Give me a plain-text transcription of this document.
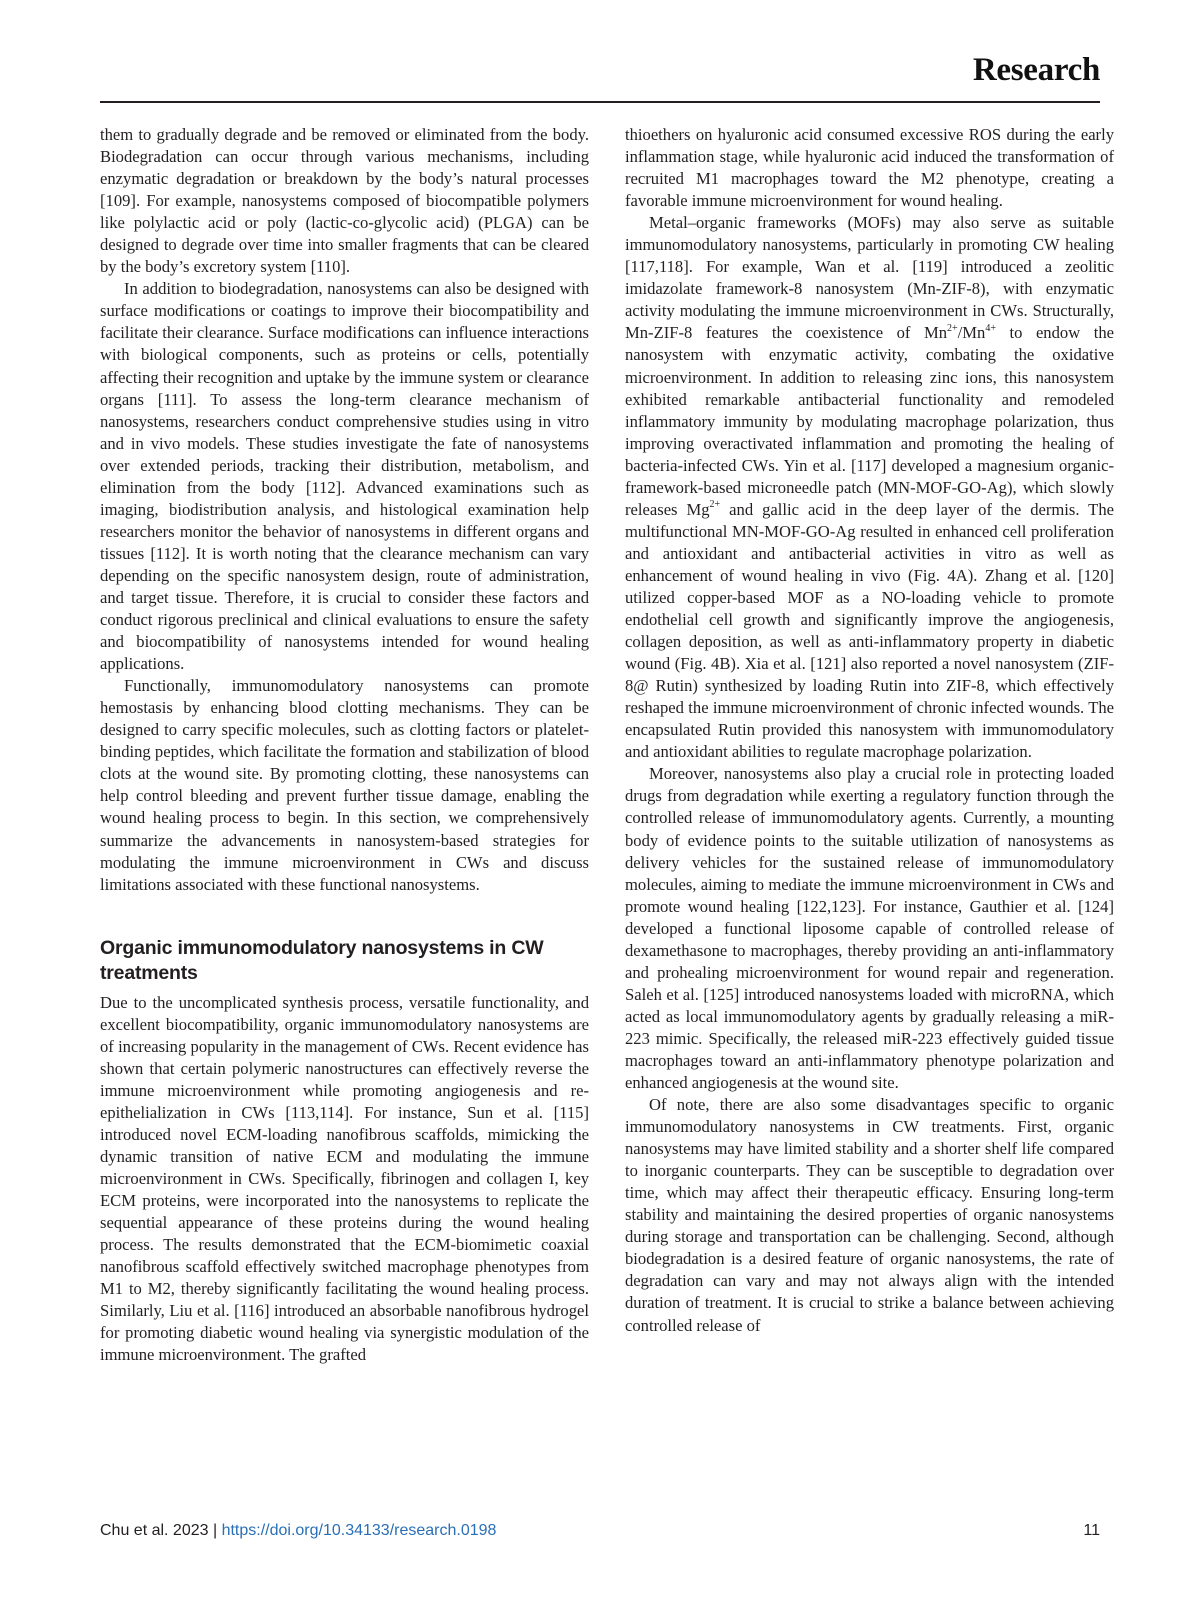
Research

them to gradually degrade and be removed or eliminated from the body. Biodegradation can occur through various mechanisms, including enzymatic degradation or breakdown by the body’s natural processes [109]. For example, nanosystems composed of biocompatible polymers like polylactic acid or poly (lactic-co-glycolic acid) (PLGA) can be designed to degrade over time into smaller fragments that can be cleared by the body’s excretory system [110].

In addition to biodegradation, nanosystems can also be designed with surface modifications or coatings to improve their biocompatibility and facilitate their clearance. Surface modifications can influence interactions with biological components, such as proteins or cells, potentially affecting their recognition and uptake by the immune system or clearance organs [111]. To assess the long-term clearance mechanism of nanosystems, researchers conduct comprehensive studies using in vitro and in vivo models. These studies investigate the fate of nanosystems over extended periods, tracking their distribution, metabolism, and elimination from the body [112]. Advanced examinations such as imaging, biodistribution analysis, and histological examination help researchers monitor the behavior of nanosystems in different organs and tissues [112]. It is worth noting that the clearance mechanism can vary depending on the specific nanosystem design, route of administration, and target tissue. Therefore, it is crucial to consider these factors and conduct rigorous preclinical and clinical evaluations to ensure the safety and biocompatibility of nanosystems intended for wound healing applications.

Functionally, immunomodulatory nanosystems can promote hemostasis by enhancing blood clotting mechanisms. They can be designed to carry specific molecules, such as clotting factors or platelet-binding peptides, which facilitate the formation and stabilization of blood clots at the wound site. By promoting clotting, these nanosystems can help control bleeding and prevent further tissue damage, enabling the wound healing process to begin. In this section, we comprehensively summarize the advancements in nanosystem-based strategies for modulating the immune microenvironment in CWs and discuss limitations associated with these functional nanosystems.

Organic immunomodulatory nanosystems in CW treatments

Due to the uncomplicated synthesis process, versatile functionality, and excellent biocompatibility, organic immunomodulatory nanosystems are of increasing popularity in the management of CWs. Recent evidence has shown that certain polymeric nanostructures can effectively reverse the immune microenvironment while promoting angiogenesis and re-epithelialization in CWs [113,114]. For instance, Sun et al. [115] introduced novel ECM-loading nanofibrous scaffolds, mimicking the dynamic transition of native ECM and modulating the immune microenvironment in CWs. Specifically, fibrinogen and collagen I, key ECM proteins, were incorporated into the nanosystems to replicate the sequential appearance of these proteins during the wound healing process. The results demonstrated that the ECM-biomimetic coaxial nanofibrous scaffold effectively switched macrophage phenotypes from M1 to M2, thereby significantly facilitating the wound healing process. Similarly, Liu et al. [116] introduced an absorbable nanofibrous hydrogel for promoting diabetic wound healing via synergistic modulation of the immune microenvironment. The grafted

thioethers on hyaluronic acid consumed excessive ROS during the early inflammation stage, while hyaluronic acid induced the transformation of recruited M1 macrophages toward the M2 phenotype, creating a favorable immune microenvironment for wound healing.

Metal–organic frameworks (MOFs) may also serve as suitable immunomodulatory nanosystems, particularly in promoting CW healing [117,118]. For example, Wan et al. [119] introduced a zeolitic imidazolate framework-8 nanosystem (Mn-ZIF-8), with enzymatic activity modulating the immune microenvironment in CWs. Structurally, Mn-ZIF-8 features the coexistence of $Mn^{2+}/Mn^{4+}$ to endow the nanosystem with enzymatic activity, combating the oxidative microenvironment. In addition to releasing zinc ions, this nanosystem exhibited remarkable antibacterial functionality and remodeled inflammatory immunity by modulating macrophage polarization, thus improving overactivated inflammation and promoting the healing of bacteria-infected CWs. Yin et al. [117] developed a magnesium organic-framework-based microneedle patch (MN-MOF-GO-Ag), which slowly releases $Mg^{2+}$ and gallic acid in the deep layer of the dermis. The multifunctional MN-MOF-GO-Ag resulted in enhanced cell proliferation and antioxidant and antibacterial activities in vitro as well as enhancement of wound healing in vivo (Fig. 4A). Zhang et al. [120] utilized copper-based MOF as a NO-loading vehicle to promote endothelial cell growth and significantly improve the angiogenesis, collagen deposition, as well as anti-inflammatory property in diabetic wound (Fig. 4B). Xia et al. [121] also reported a novel nanosystem (ZIF-8@ Rutin) synthesized by loading Rutin into ZIF-8, which effectively reshaped the immune microenvironment of chronic infected wounds. The encapsulated Rutin provided this nanosystem with immunomodulatory and antioxidant abilities to regulate macrophage polarization.

Moreover, nanosystems also play a crucial role in protecting loaded drugs from degradation while exerting a regulatory function through the controlled release of immunomodulatory agents. Currently, a mounting body of evidence points to the suitable utilization of nanosystems as delivery vehicles for the sustained release of immunomodulatory molecules, aiming to mediate the immune microenvironment in CWs and promote wound healing [122,123]. For instance, Gauthier et al. [124] developed a functional liposome capable of controlled release of dexamethasone to macrophages, thereby providing an anti-inflammatory and prohealing microenvironment for wound repair and regeneration. Saleh et al. [125] introduced nanosystems loaded with microRNA, which acted as local immunomodulatory agents by gradually releasing a miR-223 mimic. Specifically, the released miR-223 effectively guided tissue macrophages toward an anti-inflammatory phenotype polarization and enhanced angiogenesis at the wound site.

Of note, there are also some disadvantages specific to organic immunomodulatory nanosystems in CW treatments. First, organic nanosystems may have limited stability and a shorter shelf life compared to inorganic counterparts. They can be susceptible to degradation over time, which may affect their therapeutic efficacy. Ensuring long-term stability and maintaining the desired properties of organic nanosystems during storage and transportation can be challenging. Second, although biodegradation is a desired feature of organic nanosystems, the rate of degradation can vary and may not always align with the intended duration of treatment. It is crucial to strike a balance between achieving controlled release of

Chu et al. 2023 | https://doi.org/10.34133/research.0198	11
